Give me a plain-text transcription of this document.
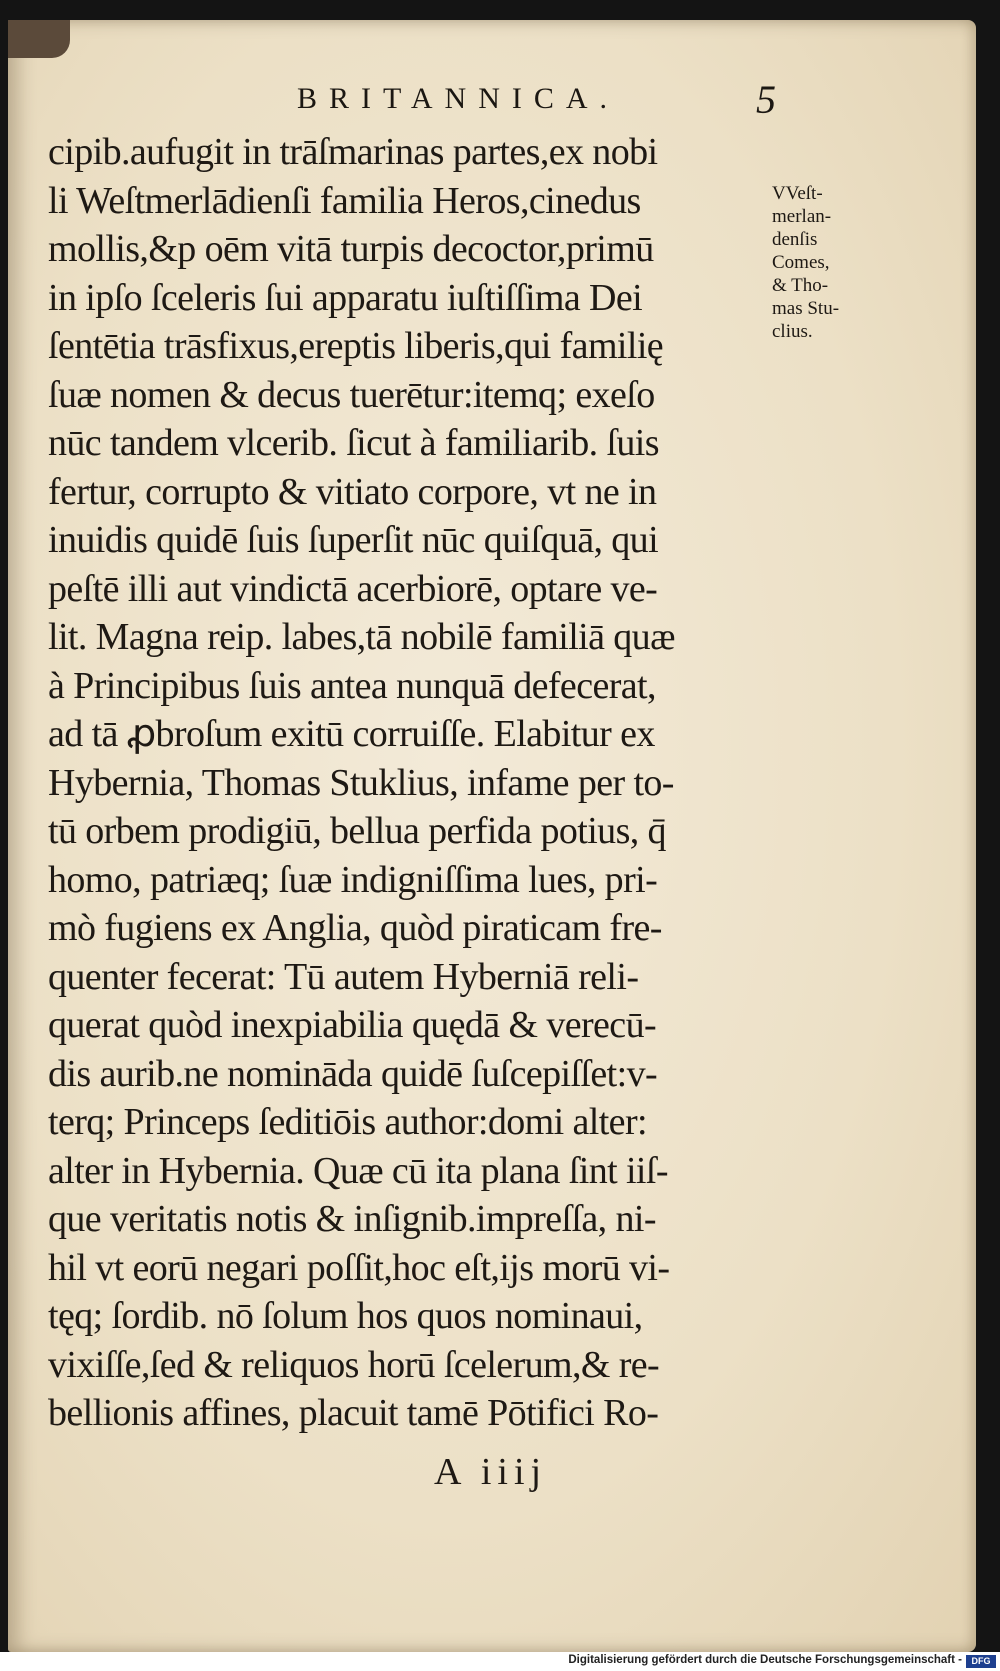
BRITANNICA.	5
cipib.aufugit in trāſmarinas partes,ex nobi
li Weſtmerlādienſi familia Heros,cinedus
mollis,&p oēm vitā turpis decoctor,primū
in ipſo ſceleris ſui apparatu iuſtiſſima Dei
ſentētia trāsfixus,ereptis liberis,qui familię
ſuæ nomen & decus tuerētur:itemq; exeſo
nūc tandem vlcerib. ſicut à familiarib. ſuis
fertur, corrupto & vitiato corpore, vt ne in
inuidis quidē ſuis ſuperſit nūc quiſquā, qui
peſtē illi aut vindictā acerbiorē, optare ve-
lit. Magna reip. labes,tā nobilē familiā quæ
à Principibus ſuis antea nunquā defecerat,
ad tā ꝓbroſum exitū corruiſſe. Elabitur ex
Hybernia, Thomas Stuklius, infame per to-
tū orbem prodigiū, bellua perfida potius, q̄
homo, patriæq; ſuæ indigniſſima lues, pri-
mò fugiens ex Anglia, quòd piraticam fre-
quenter fecerat: Tū autem Hyberniā reli-
querat quòd inexpiabilia quędā & verecū-
dis aurib.ne nominādа quidē ſuſcepiſſet:v-
terq; Princeps ſeditiōis author:domi alter:
alter in Hybernia. Quæ cū ita plana ſint iiſ-
que veritatis notis & inſignib.impreſſa, ni-
hil vt eorū negari poſſit,hoc eſt,ijs morū vi-
tęq; ſordib. nō ſolum hos quos nominaui,
vixiſſe,ſed & reliquos horū ſcelerum,& re-
bellionis affines, placuit tamē Pōtifici Ro-
VVeſt-
merlan-
denſis
Comes,
& Tho-
mas Stu-
clius.
A iiij
Digitalisierung gefördert durch die Deutsche Forschungsgemeinschaft -	DFG
